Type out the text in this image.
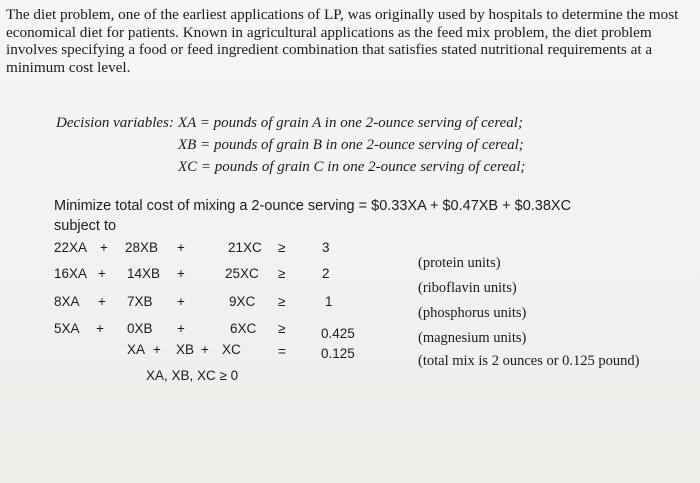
The diet problem, one of the earliest applications of LP, was originally used by hospitals to determine the most economical diet for patients. Known in agricultural applications as the feed mix problem, the diet problem involves specifying a food or feed ingredient combination that satisfies stated nutritional requirements at a minimum cost level.

Decision variables: XA = pounds of grain A in one 2-ounce serving of cereal;
XB = pounds of grain B in one 2-ounce serving of cereal;
XC = pounds of grain C in one 2-ounce serving of cereal;
Minimize total cost of mixing a 2-ounce serving = $0.33XA + $0.47XB + $0.38XC
subject to
22XA + 28XB +	21XC ≥	3
16XA + 14XB +	25XC ≥	2
8XA + 7XB +	9XC ≥	1
5XA + 0XB +	6XC ≥	0.425
XA + XB + XC	=	0.125
XA, XB, XC ≥ 0
(protein units)
(riboflavin units)
(phosphorus units)
(magnesium units)
(total mix is 2 ounces or 0.125 pound)
